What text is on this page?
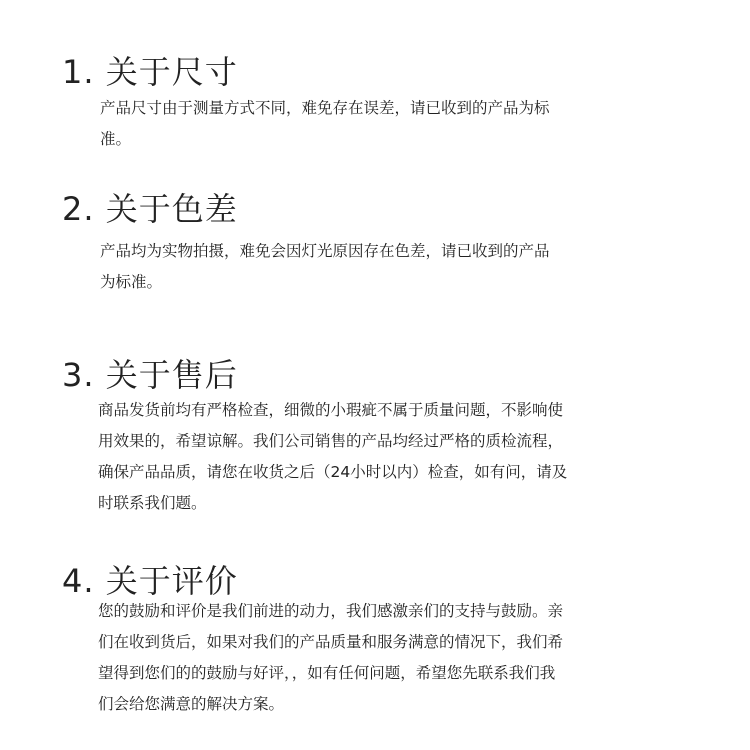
1. 关于尺寸

产品尺寸由于测量方式不同，难免存在误差，请已收到的产品为标
准。

2. 关于色差

产品均为实物拍摄，难免会因灯光原因存在色差，请已收到的产品
为标准。

3. 关于售后

商品发货前均有严格检查，细微的小瑕疵不属于质量问题，不影响使
用效果的，希望谅解。我们公司销售的产品均经过严格的质检流程，
确保产品品质，请您在收货之后（24小时以内）检查，如有问，请及
时联系我们题。

4. 关于评价

您的鼓励和评价是我们前进的动力，我们感激亲们的支持与鼓励。亲
们在收到货后，如果对我们的产品质量和服务满意的情况下，我们希
望得到您们的的鼓励与好评，，如有任何问题，希望您先联系我们我
们会给您满意的解决方案。
